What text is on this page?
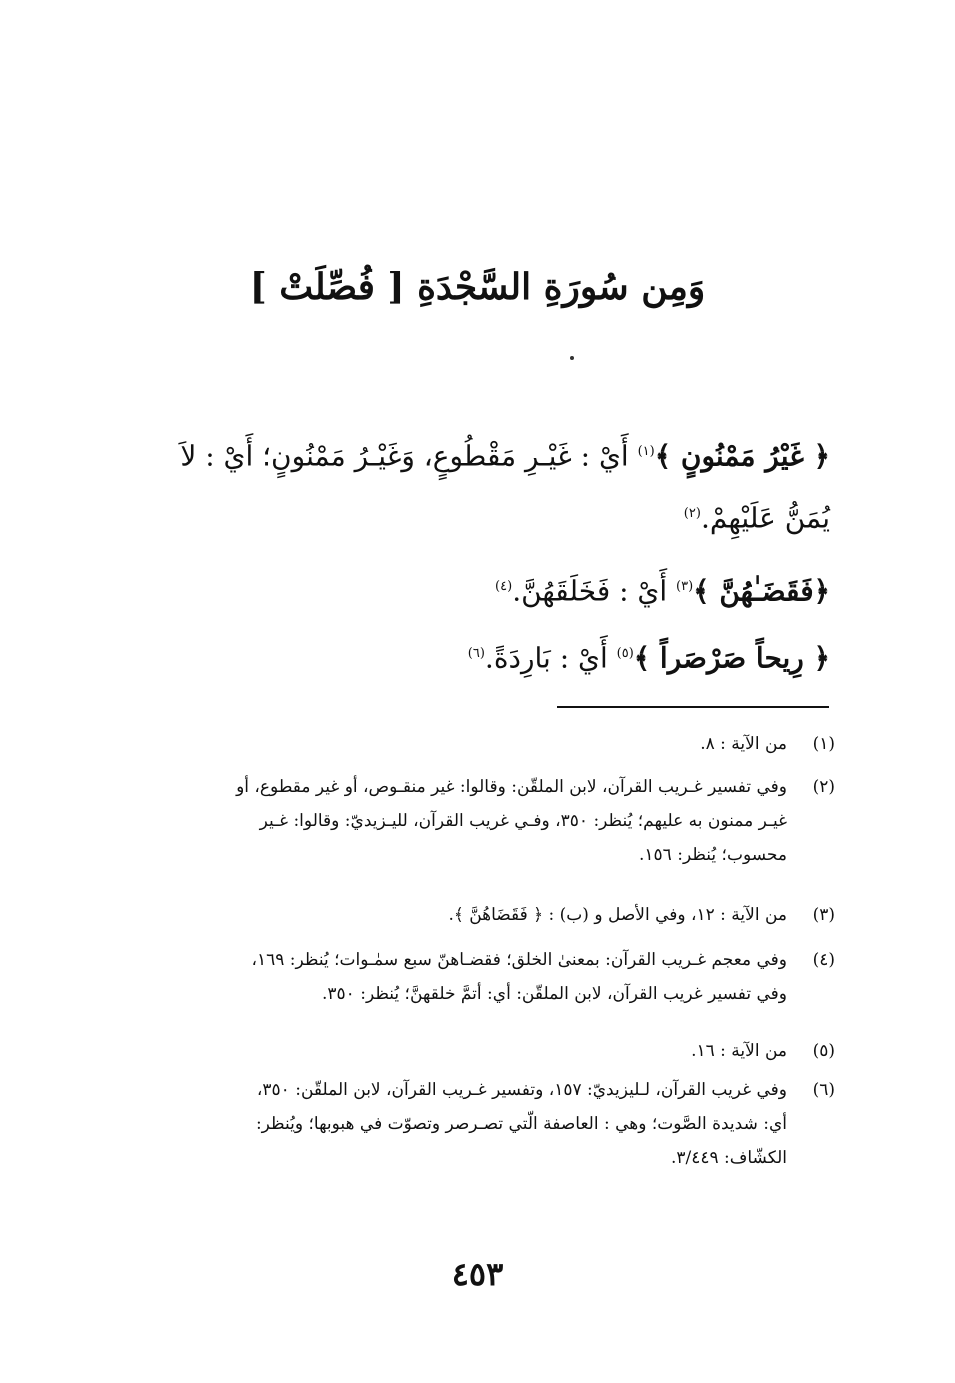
وَمِن سُورَةِ السَّجْدَةِ [ فُصِّلَتْ ]
﴿ غَيْرُ مَمْنُونٍ ﴾$^{(١)}$ أَيْ : غَيْـرِ مَقْطُوعٍ، وَغَيْـرُ مَمْنُونٍ؛ أَيْ : لاَ
يُمَنُّ عَلَيْهِمْ.$^{(٢)}$
﴿فَقَضَـٰهُنَّ ﴾$^{(٣)}$ أَيْ : فَخَلَقَهُنَّ.$^{(٤)}$
﴿ رِيحاً صَرْصَراً ﴾$^{(٥)}$ أَيْ : بَارِدَةً.$^{(٦)}$
(١)
من الآية : ٨.
(٢)
وفي تفسير غـريب القرآن، لابن الملقّن: وقالوا: غير منقـوص، أو غير مقطوع، أو
غيـر ممنون به عليهم؛ يُنظر: ٣٥٠، وفـي غريب القرآن، لليـزيديّ: وقالوا: غـير
محسوب؛ يُنظر: ١٥٦.
(٣)
من الآية : ١٢، وفي الأصل و (ب) : ﴿ فَقَضَاهُنَّ ﴾.
(٤)
وفي معجم غـريب القرآن: بمعنىٰ الخلق؛ فقضـاهنّ سبع سمٰـوات؛ يُنظر: ١٦٩،
وفي تفسير غريب القرآن، لابن الملقّن: أي: أتمَّ خلقهنَّ؛ يُنظر: ٣٥٠.
(٥)
من الآية : ١٦.
(٦)
وفي غريب القرآن، لـليزيديّ: ١٥٧، وتفسير غـريب القرآن، لابن الملقّن: ٣٥٠،
أي: شديدة الصَّوت؛ وهي : العاصفة الّتي تصـرصر وتصوّت في هبوبها؛ ويُنظر:
الكشّاف: ٣/٤٤٩.
٤٥٣
